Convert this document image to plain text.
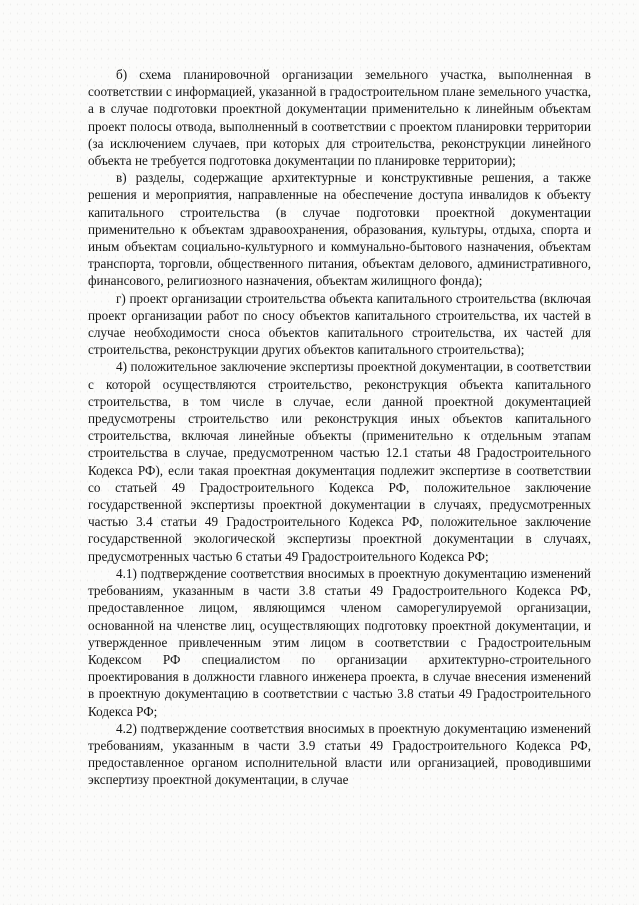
б) схема планировочной организации земельного участка, выполненная в соответствии с информацией, указанной в градостроительном плане земельного участка, а в случае подготовки проектной документации применительно к линейным объектам проект полосы отвода, выполненный в соответствии с проектом планировки территории (за исключением случаев, при которых для строительства, реконструкции линейного объекта не требуется подготовка документации по планировке территории);

в) разделы, содержащие архитектурные и конструктивные решения, а также решения и мероприятия, направленные на обеспечение доступа инвалидов к объекту капитального строительства (в случае подготовки проектной документации применительно к объектам здравоохранения, образования, культуры, отдыха, спорта и иным объектам социально-культурного и коммунально-бытового назначения, объектам транспорта, торговли, общественного питания, объектам делового, административного, финансового, религиозного назначения, объектам жилищного фонда);

г) проект организации строительства объекта капитального строительства (включая проект организации работ по сносу объектов капитального строительства, их частей в случае необходимости сноса объектов капитального строительства, их частей для строительства, реконструкции других объектов капитального строительства);

4) положительное заключение экспертизы проектной документации, в соответствии с которой осуществляются строительство, реконструкция объекта капитального строительства, в том числе в случае, если данной проектной документацией предусмотрены строительство или реконструкция иных объектов капитального строительства, включая линейные объекты (применительно к отдельным этапам строительства в случае, предусмотренном частью 12.1 статьи 48 Градостроительного Кодекса РФ), если такая проектная документация подлежит экспертизе в соответствии со статьей 49 Градостроительного Кодекса РФ, положительное заключение государственной экспертизы проектной документации в случаях, предусмотренных частью 3.4 статьи 49 Градостроительного Кодекса РФ, положительное заключение государственной экологической экспертизы проектной документации в случаях, предусмотренных частью 6 статьи 49 Градостроительного Кодекса РФ;

4.1) подтверждение соответствия вносимых в проектную документацию изменений требованиям, указанным в части 3.8 статьи 49 Градостроительного Кодекса РФ, предоставленное лицом, являющимся членом саморегулируемой организации, основанной на членстве лиц, осуществляющих подготовку проектной документации, и утвержденное привлеченным этим лицом в соответствии с Градостроительным Кодексом РФ специалистом по организации архитектурно-строительного проектирования в должности главного инженера проекта, в случае внесения изменений в проектную документацию в соответствии с частью 3.8 статьи 49 Градостроительного Кодекса РФ;

4.2) подтверждение соответствия вносимых в проектную документацию изменений требованиям, указанным в части 3.9 статьи 49 Градостроительного Кодекса РФ, предоставленное органом исполнительной власти или организацией, проводившими экспертизу проектной документации, в случае
